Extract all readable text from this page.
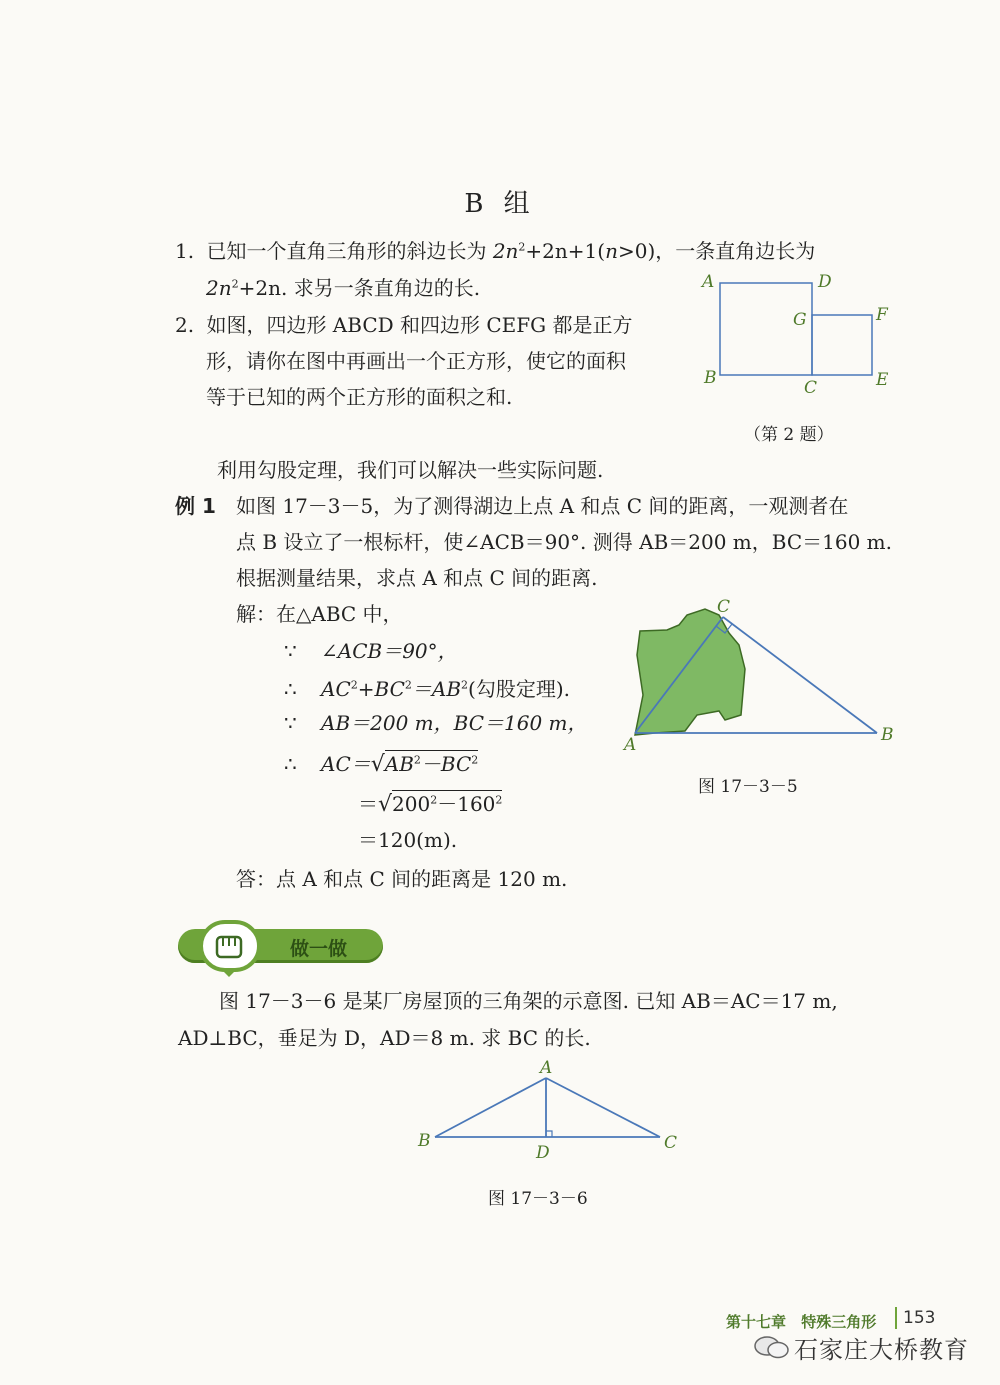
B 组
1. 已知一个直角三角形的斜边长为 $2n^2+2n+1(n>0)$，一条直角边长为
$2n^2+2n$. 求另一条直角边的长.
2. 如图，四边形 ABCD 和四边形 CEFG 都是正方
形，请你在图中再画出一个正方形，使它的面积
等于已知的两个正方形的面积之和.
A	D
G	F
B	C	E
（第 2 题）
利用勾股定理，我们可以解决一些实际问题.
例 1 如图 17－3－5，为了测得湖边上点 A 和点 C 间的距离，一观测者在
点 B 设立了一根标杆，使∠ACB＝90°. 测得 AB＝200 m，BC＝160 m.
根据测量结果，求点 A 和点 C 间的距离.
解：在△ABC 中，
∵ ∠ACB＝90°，
∴ $AC^2+BC^2=AB^2$(勾股定理).
∵ AB＝200 m，BC＝160 m，
∴ $AC=√AB^2-BC^2$
$=√200^2-160^2$
＝120(m).
答：点 A 和点 C 间的距离是 120 m.
C
A	B
图 17－3－5
做一做
图 17－3－6 是某厂房屋顶的三角架的示意图. 已知 AB＝AC＝17 m,
AD⊥BC，垂足为 D，AD＝8 m. 求 BC 的长.
A
B
D	C
图 17－3－6
第十七章 特殊三角形 153
石家庄大桥教育
